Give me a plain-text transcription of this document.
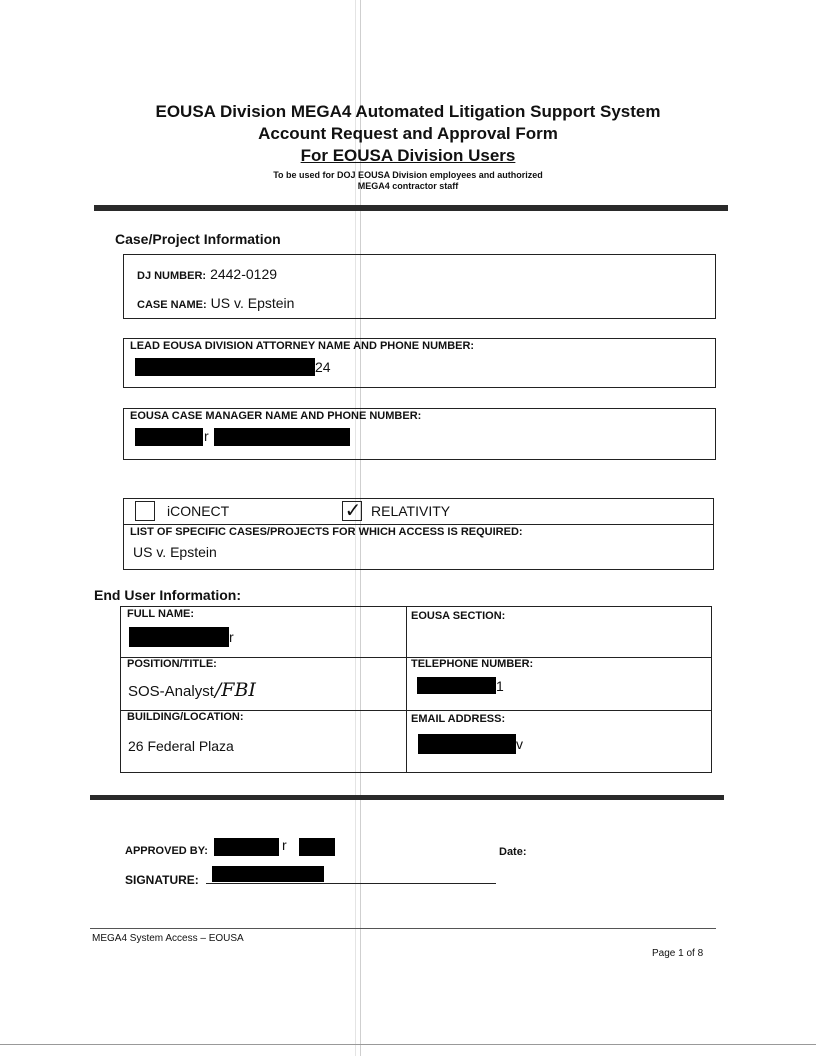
EOUSA Division MEGA4 Automated Litigation Support System
Account Request and Approval Form
For EOUSA Division Users
To be used for DOJ EOUSA Division employees and authorized
MEGA4 contractor staff
Case/Project Information
DJ NUMBER: 2442-0129
CASE NAME: US v. Epstein
LEAD EOUSA DIVISION ATTORNEY NAME AND PHONE NUMBER:
24
EOUSA CASE MANAGER NAME AND PHONE NUMBER:
r
iCONECT	✓ RELATIVITY
LIST OF SPECIFIC CASES/PROJECTS FOR WHICH ACCESS IS REQUIRED:
US v. Epstein
End User Information:
FULL NAME:
r
EOUSA SECTION:
POSITION/TITLE:
SOS-Analyst /FBI
TELEPHONE NUMBER:
1
BUILDING/LOCATION:
26 Federal Plaza
EMAIL ADDRESS:
v
APPROVED BY:	r	Date:
SIGNATURE:
MEGA4 System Access – EOUSA
Page 1 of 8
